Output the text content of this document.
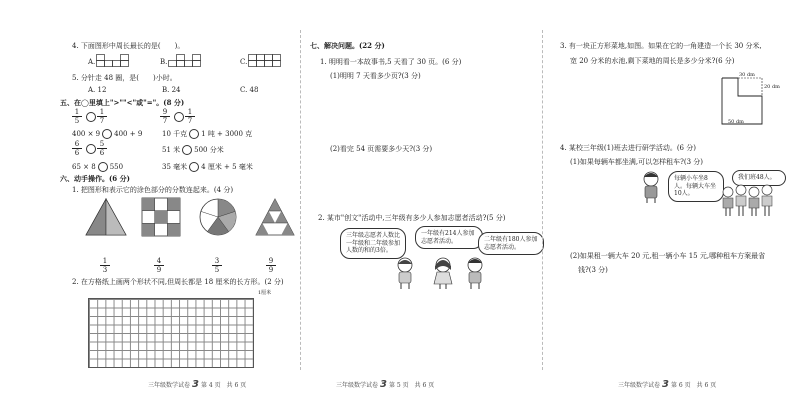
4. 下面图形中周长最长的是(　　)。
A.	B.	C.
5. 分针走 48 圈，是(　　)小时。
A. 12	B. 24	C. 48
五、在◯里填上">""<"或"="。(8 分)
$\frac{1}{5} \frac{1}{7}$	$\frac{9}{7} \frac{1}{7}$
400 × 9 400 + 9	10 千克 1 吨 + 3000 克
$\frac{6}{6} \frac{5}{6}$	51 米 500 分米
65 × 8 550	35 毫米 4 厘米 + 5 毫米
六、动手操作。(6 分)
1. 把图形和表示它的涂色部分的分数连起来。(4 分)
$\frac{1}{3}$	$\frac{4}{9}$	$\frac{3}{5}$	$\frac{9}{9}$
2. 在方格纸上画两个形状不同,但周长都是 18 厘米的长方形。(2 分)
1厘米
三年级数学试卷 3 第 4 页　共 6 页
七、解决问题。(22 分)
1. 明明看一本故事书,5 天看了 30 页。(6 分)
(1)明明 7 天看多少页?(3 分)
(2)看完 54 页需要多少天?(3 分)
2. 某市"创文"活动中,三年级有多少人参加志愿者活动?(5 分)
三年级志愿者人数比一年级和二年级参加人数的和的3倍。
一年级有214人参加志愿者活动。	二年级有180人参加志愿者活动。
三年级数学试卷 3 第 5 页　共 6 页
3. 有一块正方形菜地,如图。如果在它的一角建造一个长 30 分米,
宽 20 分米的水池,剩下菜地的周长是多少分米?(6 分)
30 dm
20 dm
50 dm
4. 某校三年级(1)班去进行研学活动。(6 分)
(1)如果每辆车都坐满,可以怎样租车?(3 分)
每辆小车坐8人。每辆大车坐10人。
我们班48人。
(2)如果租一辆大车 20 元,租一辆小车 15 元,哪种租车方案最省
钱?(3 分)
三年级数学试卷 3 第 6 页　共 6 页
